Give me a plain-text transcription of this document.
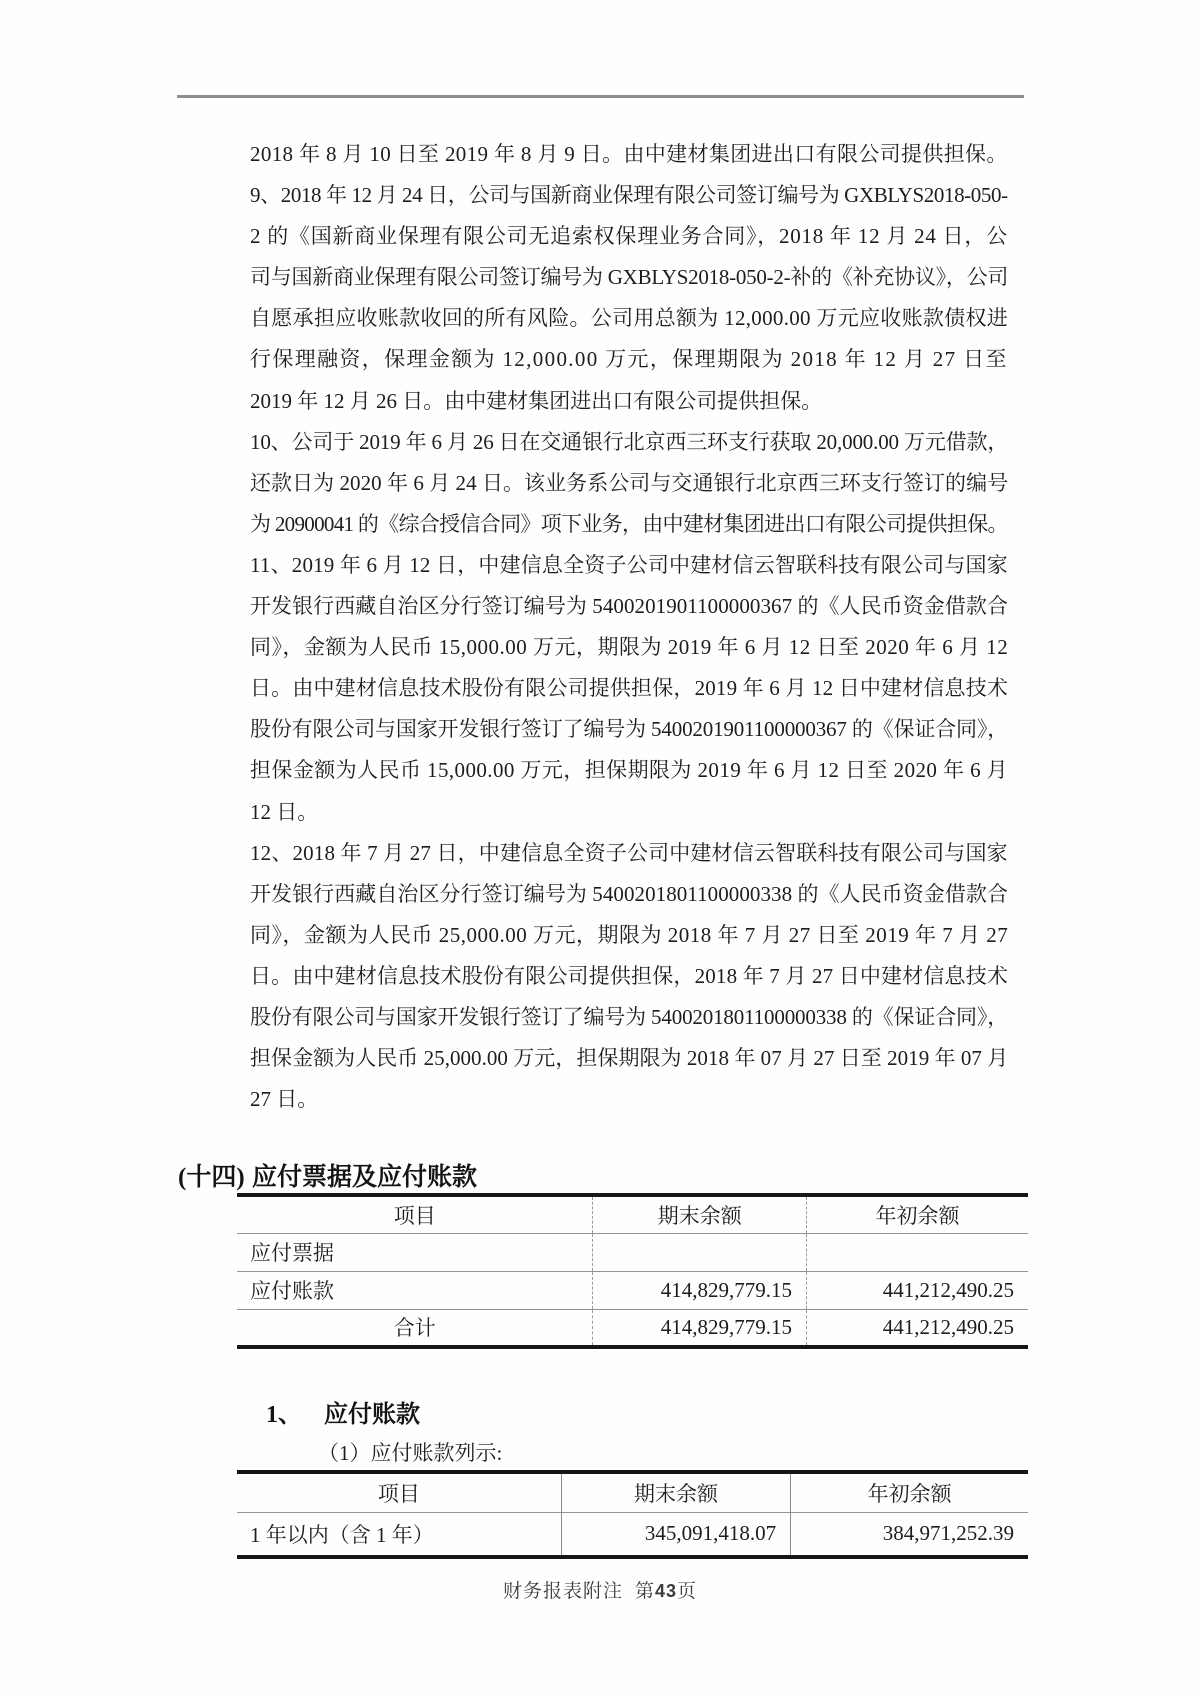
2018 年 8 月 10 日至 2019 年 8 月 9 日。由中建材集团进出口有限公司提供担保。
9、2018 年 12 月 24 日，公司与国新商业保理有限公司签订编号为 GXBLYS2018-050-
2 的《国新商业保理有限公司无追索权保理业务合同》，2018 年 12 月 24 日，公
司与国新商业保理有限公司签订编号为 GXBLYS2018-050-2-补的《补充协议》，公司
自愿承担应收账款收回的所有风险。公司用总额为 12,000.00 万元应收账款债权进
行保理融资，保理金额为 12,000.00 万元，保理期限为 2018 年 12 月 27 日至
2019 年 12 月 26 日。由中建材集团进出口有限公司提供担保。
10、公司于 2019 年 6 月 26 日在交通银行北京西三环支行获取 20,000.00 万元借款，
还款日为 2020 年 6 月 24 日。该业务系公司与交通银行北京西三环支行签订的编号
为 20900041 的《综合授信合同》项下业务，由中建材集团进出口有限公司提供担保。
11、2019 年 6 月 12 日，中建信息全资子公司中建材信云智联科技有限公司与国家
开发银行西藏自治区分行签订编号为 5400201901100000367 的《人民币资金借款合
同》，金额为人民币 15,000.00 万元，期限为 2019 年 6 月 12 日至 2020 年 6 月 12
日。由中建材信息技术股份有限公司提供担保，2019 年 6 月 12 日中建材信息技术
股份有限公司与国家开发银行签订了编号为 5400201901100000367 的《保证合同》，
担保金额为人民币 15,000.00 万元，担保期限为 2019 年 6 月 12 日至 2020 年 6 月
12 日。
12、2018 年 7 月 27 日，中建信息全资子公司中建材信云智联科技有限公司与国家
开发银行西藏自治区分行签订编号为 5400201801100000338 的《人民币资金借款合
同》，金额为人民币 25,000.00 万元，期限为 2018 年 7 月 27 日至 2019 年 7 月 27
日。由中建材信息技术股份有限公司提供担保，2018 年 7 月 27 日中建材信息技术
股份有限公司与国家开发银行签订了编号为 5400201801100000338 的《保证合同》，
担保金额为人民币 25,000.00 万元，担保期限为 2018 年 07 月 27 日至 2019 年 07 月
27 日。
(十四) 应付票据及应付账款
项目	期末余额	年初余额
应付票据		
应付账款	414,829,779.15	441,212,490.25
合计	414,829,779.15	441,212,490.25
1、 应付账款
（1）应付账款列示:
项目	期末余额	年初余额
1 年以内（含 1 年）	345,091,418.07	384,971,252.39
财务报表附注 第43页
